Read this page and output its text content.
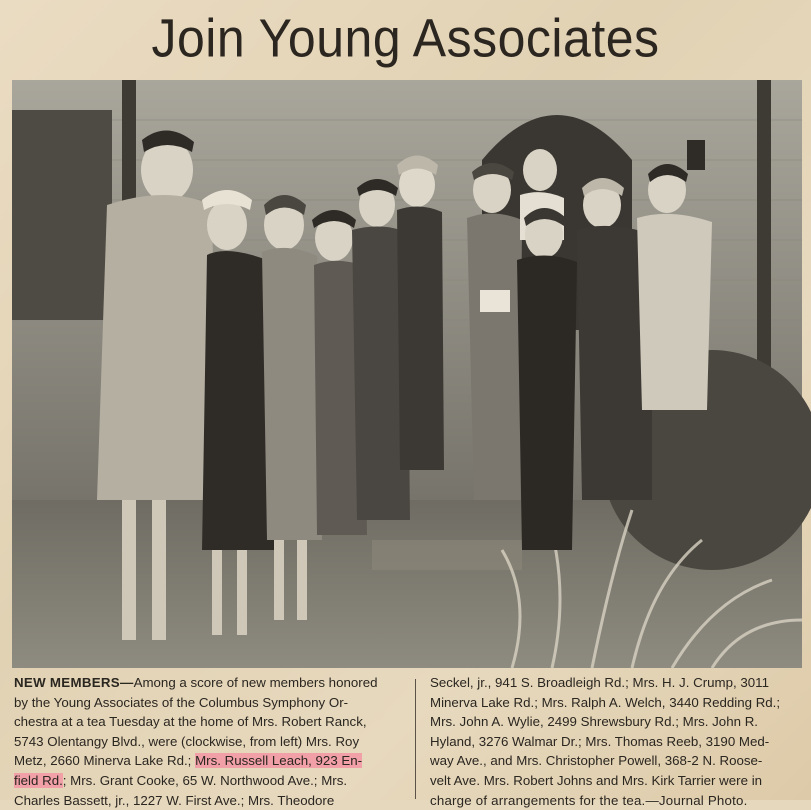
Join Young Associates
NEW MEMBERS—Among a score of new members honored
by the Young Associates of the Columbus Symphony Or-
chestra at a tea Tuesday at the home of Mrs. Robert Ranck,
5743 Olentangy Blvd., were (clockwise, from left) Mrs. Roy
Metz, 2660 Minerva Lake Rd.; Mrs. Russell Leach, 923 En-
field Rd.; Mrs. Grant Cooke, 65 W. Northwood Ave.; Mrs.
Charles Bassett, jr., 1227 W. First Ave.; Mrs. Theodore
Seckel, jr., 941 S. Broadleigh Rd.; Mrs. H. J. Crump, 3011
Minerva Lake Rd.; Mrs. Ralph A. Welch, 3440 Redding Rd.;
Mrs. John A. Wylie, 2499 Shrewsbury Rd.; Mrs. John R.
Hyland, 3276 Walmar Dr.; Mrs. Thomas Reeb, 3190 Med-
way Ave., and Mrs. Christopher Powell, 368-2 N. Roose-
velt Ave. Mrs. Robert Johns and Mrs. Kirk Tarrier were in
charge of arrangements for the tea.—Journal Photo.
